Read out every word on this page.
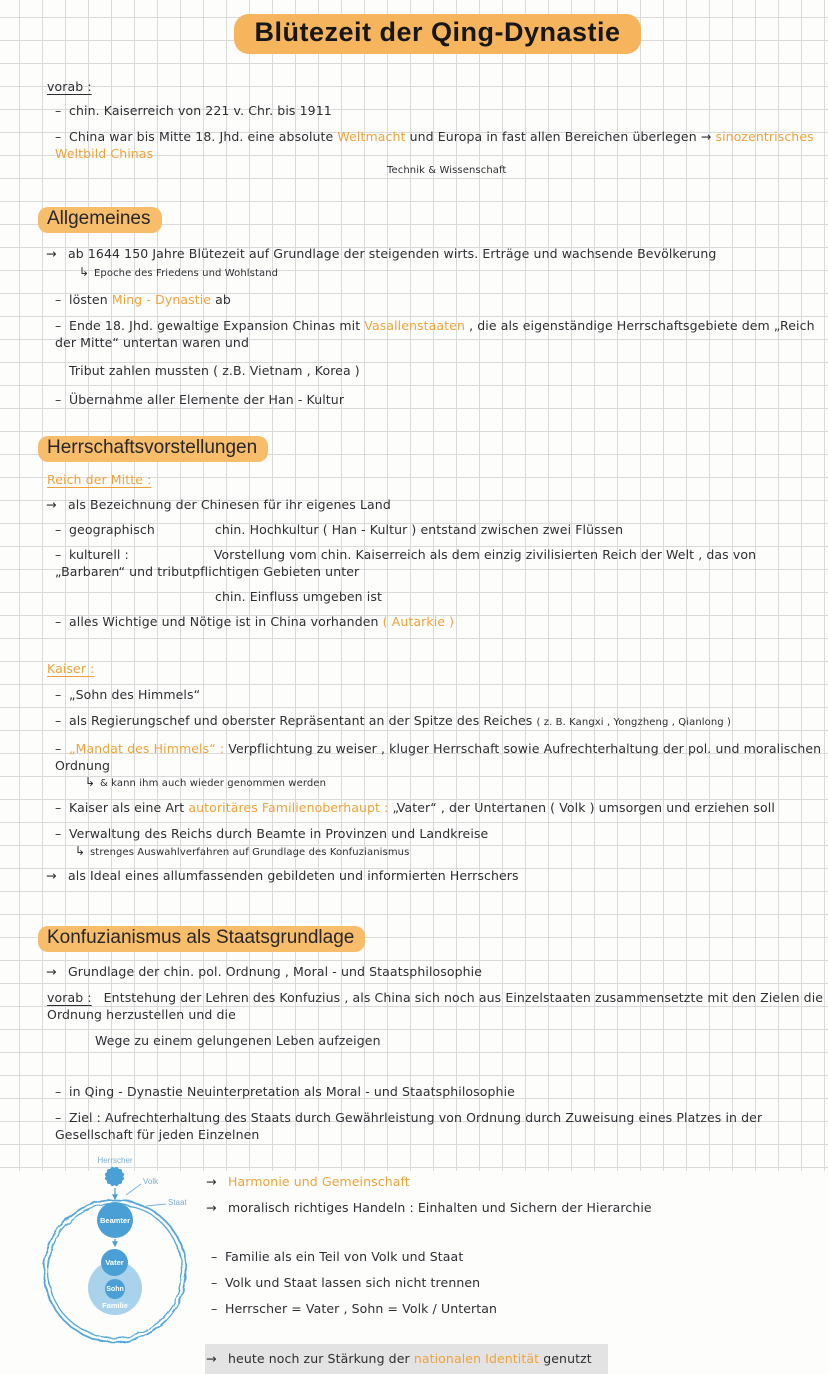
Blütezeit der Qing-Dynastie
vorab :
– chin. Kaiserreich von 221 v. Chr. bis 1911
– China war bis Mitte 18. Jhd. eine absolute Weltmacht und Europa in fast allen Bereichen überlegen → sinozentrisches Weltbild Chinas
Technik & Wissenschaft
Allgemeines
→ ab 1644 150 Jahre Blütezeit auf Grundlage der steigenden wirts. Erträge und wachsende Bevölkerung
↳ Epoche des Friedens und Wohlstand
– lösten Ming - Dynastie ab
– Ende 18. Jhd. gewaltige Expansion Chinas mit Vasallenstaaten , die als eigenständige Herrschaftsgebiete dem „Reich der Mitte“ untertan waren und
Tribut zahlen mussten ( z.B. Vietnam , Korea )
– Übernahme aller Elemente der Han - Kultur
Herrschaftsvorstellungen
Reich der Mitte :
→ als Bezeichnung der Chinesen für ihr eigenes Land
– geographisch	chin. Hochkultur ( Han - Kultur ) entstand zwischen zwei Flüssen
– kulturell :	Vorstellung vom chin. Kaiserreich als dem einzig zivilisierten Reich der Welt , das von „Barbaren“ und tributpflichtigen Gebieten unter
chin. Einfluss umgeben ist
– alles Wichtige und Nötige ist in China vorhanden ( Autarkie )
Kaiser :
– „Sohn des Himmels“
– als Regierungschef und oberster Repräsentant an der Spitze des Reiches ( z. B. Kangxi , Yongzheng , Qianlong )
– „Mandat des Himmels“ : Verpflichtung zu weiser , kluger Herrschaft sowie Aufrechterhaltung der pol. und moralischen Ordnung
↳ & kann ihm auch wieder genommen werden
– Kaiser als eine Art autoritäres Familienoberhaupt : „Vater“ , der Untertanen ( Volk ) umsorgen und erziehen soll
– Verwaltung des Reichs durch Beamte in Provinzen und Landkreise
↳ strenges Auswahlverfahren auf Grundlage des Konfuzianismus
→ als Ideal eines allumfassenden gebildeten und informierten Herrschers
Konfuzianismus als Staatsgrundlage
→ Grundlage der chin. pol. Ordnung , Moral - und Staatsphilosophie
vorab : Entstehung der Lehren des Konfuzius , als China sich noch aus Einzelstaaten zusammensetzte mit den Zielen die Ordnung herzustellen und die
Wege zu einem gelungenen Leben aufzeigen
– in Qing - Dynastie Neuinterpretation als Moral - und Staatsphilosophie
– Ziel : Aufrechterhaltung des Staats durch Gewährleistung von Ordnung durch Zuweisung eines Platzes in der Gesellschaft für jeden Einzelnen
Herrscher
Volk
Staat
Beamter
Vater
↕
Sohn
Familie
→ Harmonie und Gemeinschaft
→ moralisch richtiges Handeln : Einhalten und Sichern der Hierarchie
– Familie als ein Teil von Volk und Staat
– Volk und Staat lassen sich nicht trennen
– Herrscher = Vater , Sohn = Volk / Untertan
→ heute noch zur Stärkung der nationalen Identität genutzt
